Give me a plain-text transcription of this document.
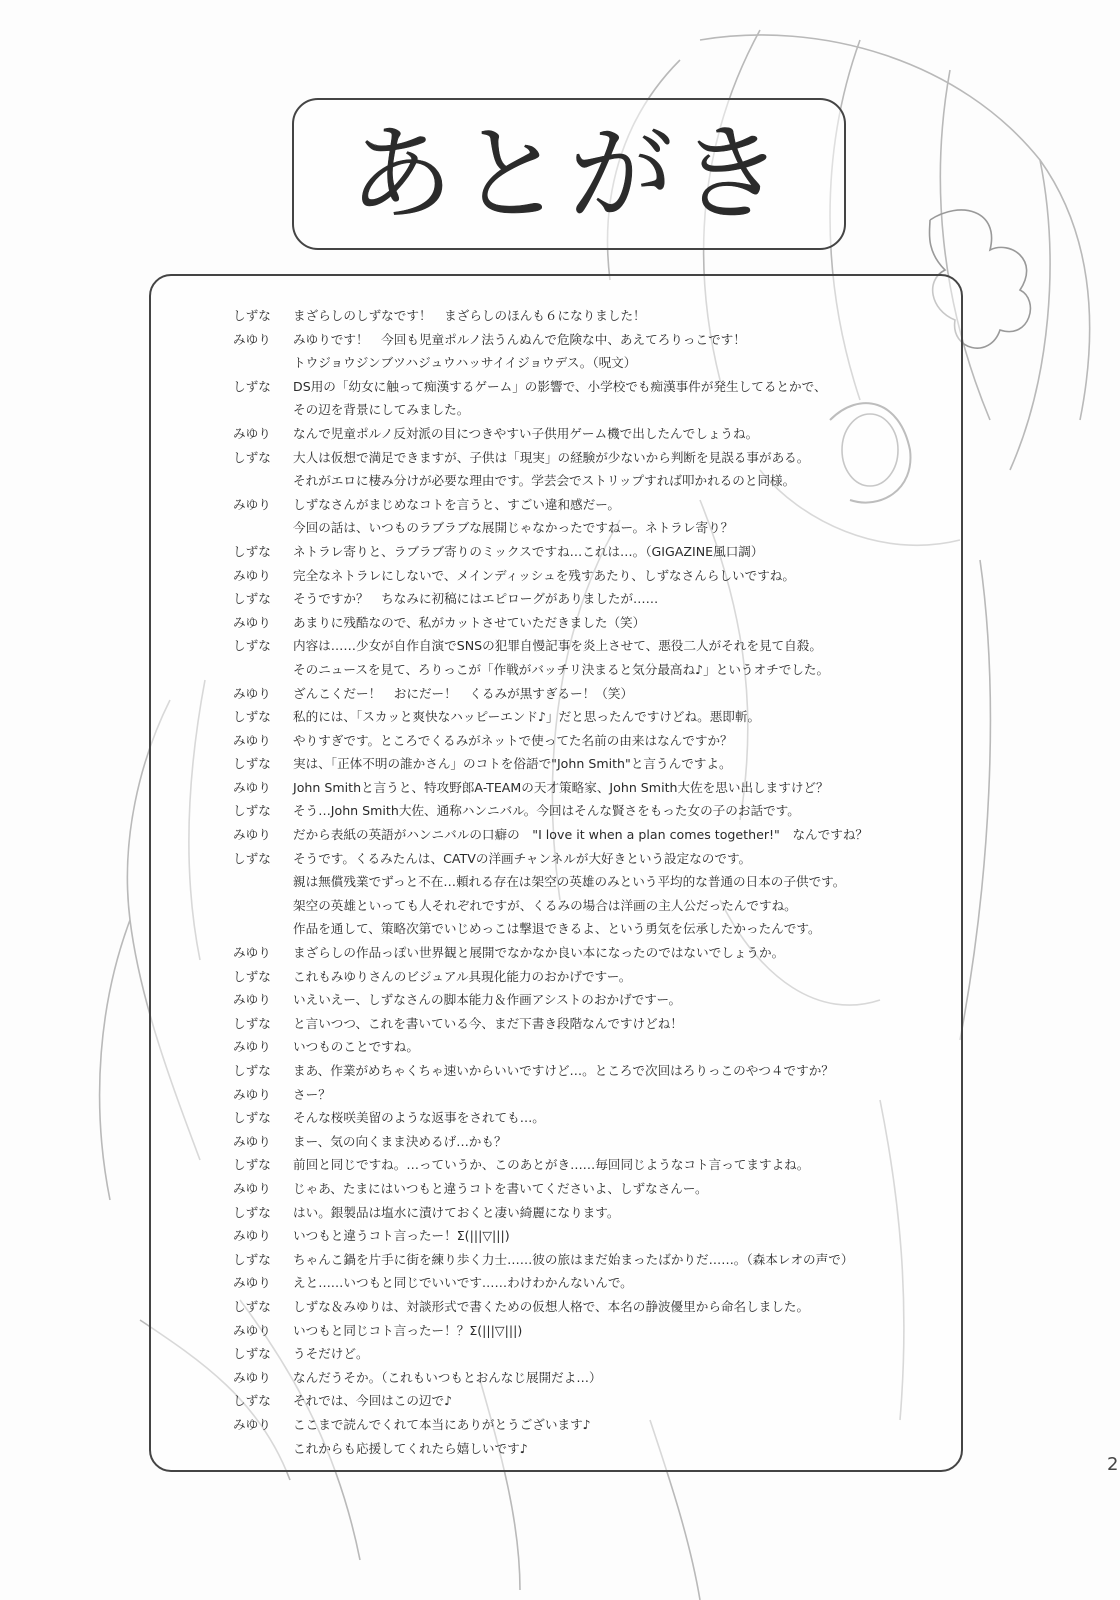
あとがき
しずな	まざらしのしずなです！　まざらしのほんも６になりました！
みゆり	みゆりです！　今回も児童ポルノ法うんぬんで危険な中、あえてろりっこです！
トウジョウジンブツハジュウハッサイイジョウデス。（呪文）
しずな	DS用の「幼女に触って痴漢するゲーム」の影響で、小学校でも痴漢事件が発生してるとかで、
その辺を背景にしてみました。
みゆり	なんで児童ポルノ反対派の目につきやすい子供用ゲーム機で出したんでしょうね。
しずな	大人は仮想で満足できますが、子供は「現実」の経験が少ないから判断を見誤る事がある。
それがエロに棲み分けが必要な理由です。学芸会でストリップすれば叩かれるのと同様。
みゆり	しずなさんがまじめなコトを言うと、すごい違和感だー。
今回の話は、いつものラブラブな展開じゃなかったですねー。ネトラレ寄り？
しずな	ネトラレ寄りと、ラブラブ寄りのミックスですね…これは…。（GIGAZINE風口調）
みゆり	完全なネトラレにしないで、メインディッシュを残すあたり、しずなさんらしいですね。
しずな	そうですか？　ちなみに初稿にはエピローグがありましたが……
みゆり	あまりに残酷なので、私がカットさせていただきました（笑）
しずな	内容は……少女が自作自演でSNSの犯罪自慢記事を炎上させて、悪役二人がそれを見て自殺。
そのニュースを見て、ろりっこが「作戦がバッチリ決まると気分最高ね♪」というオチでした。
みゆり	ざんこくだー！　おにだー！　くるみが黒すぎるー！（笑）
しずな	私的には、「スカッと爽快なハッピーエンド♪」だと思ったんですけどね。悪即斬。
みゆり	やりすぎです。ところでくるみがネットで使ってた名前の由来はなんですか？
しずな	実は、「正体不明の誰かさん」のコトを俗語で"John Smith"と言うんですよ。
みゆり	John Smithと言うと、特攻野郎A-TEAMの天才策略家、John Smith大佐を思い出しますけど？
しずな	そう…John Smith大佐、通称ハンニバル。今回はそんな賢さをもった女の子のお話です。
みゆり	だから表紙の英語がハンニバルの口癖の　"I love it when a plan comes together!"　なんですね？
しずな	そうです。くるみたんは、CATVの洋画チャンネルが大好きという設定なのです。
親は無償残業でずっと不在…頼れる存在は架空の英雄のみという平均的な普通の日本の子供です。
架空の英雄といっても人それぞれですが、くるみの場合は洋画の主人公だったんですね。
作品を通して、策略次第でいじめっこは撃退できるよ、という勇気を伝承したかったんです。
みゆり	まざらしの作品っぽい世界観と展開でなかなか良い本になったのではないでしょうか。
しずな	これもみゆりさんのビジュアル具現化能力のおかげですー。
みゆり	いえいえー、しずなさんの脚本能力＆作画アシストのおかげですー。
しずな	と言いつつ、これを書いている今、まだ下書き段階なんですけどね！
みゆり	いつものことですね。
しずな	まあ、作業がめちゃくちゃ速いからいいですけど…。ところで次回はろりっこのやつ４ですか？
みゆり	さー？
しずな	そんな桜咲美留のような返事をされても…。
みゆり	まー、気の向くまま決めるげ…かも？
しずな	前回と同じですね。…っていうか、このあとがき……毎回同じようなコト言ってますよね。
みゆり	じゃあ、たまにはいつもと違うコトを書いてくださいよ、しずなさんー。
しずな	はい。銀製品は塩水に漬けておくと凄い綺麗になります。
みゆり	いつもと違うコト言ったー！Σ(|||▽|||)
しずな	ちゃんこ鍋を片手に街を練り歩く力士……彼の旅はまだ始まったばかりだ……。（森本レオの声で）
みゆり	えと……いつもと同じでいいです……わけわかんないんで。
しずな	しずな＆みゆりは、対談形式で書くための仮想人格で、本名の静波優里から命名しました。
みゆり	いつもと同じコト言ったー！？Σ(|||▽|||)
しずな	うそだけど。
みゆり	なんだうそか。（これもいつもとおんなじ展開だよ…）
しずな	それでは、今回はこの辺で♪
みゆり	ここまで読んでくれて本当にありがとうございます♪
これからも応援してくれたら嬉しいです♪
2
